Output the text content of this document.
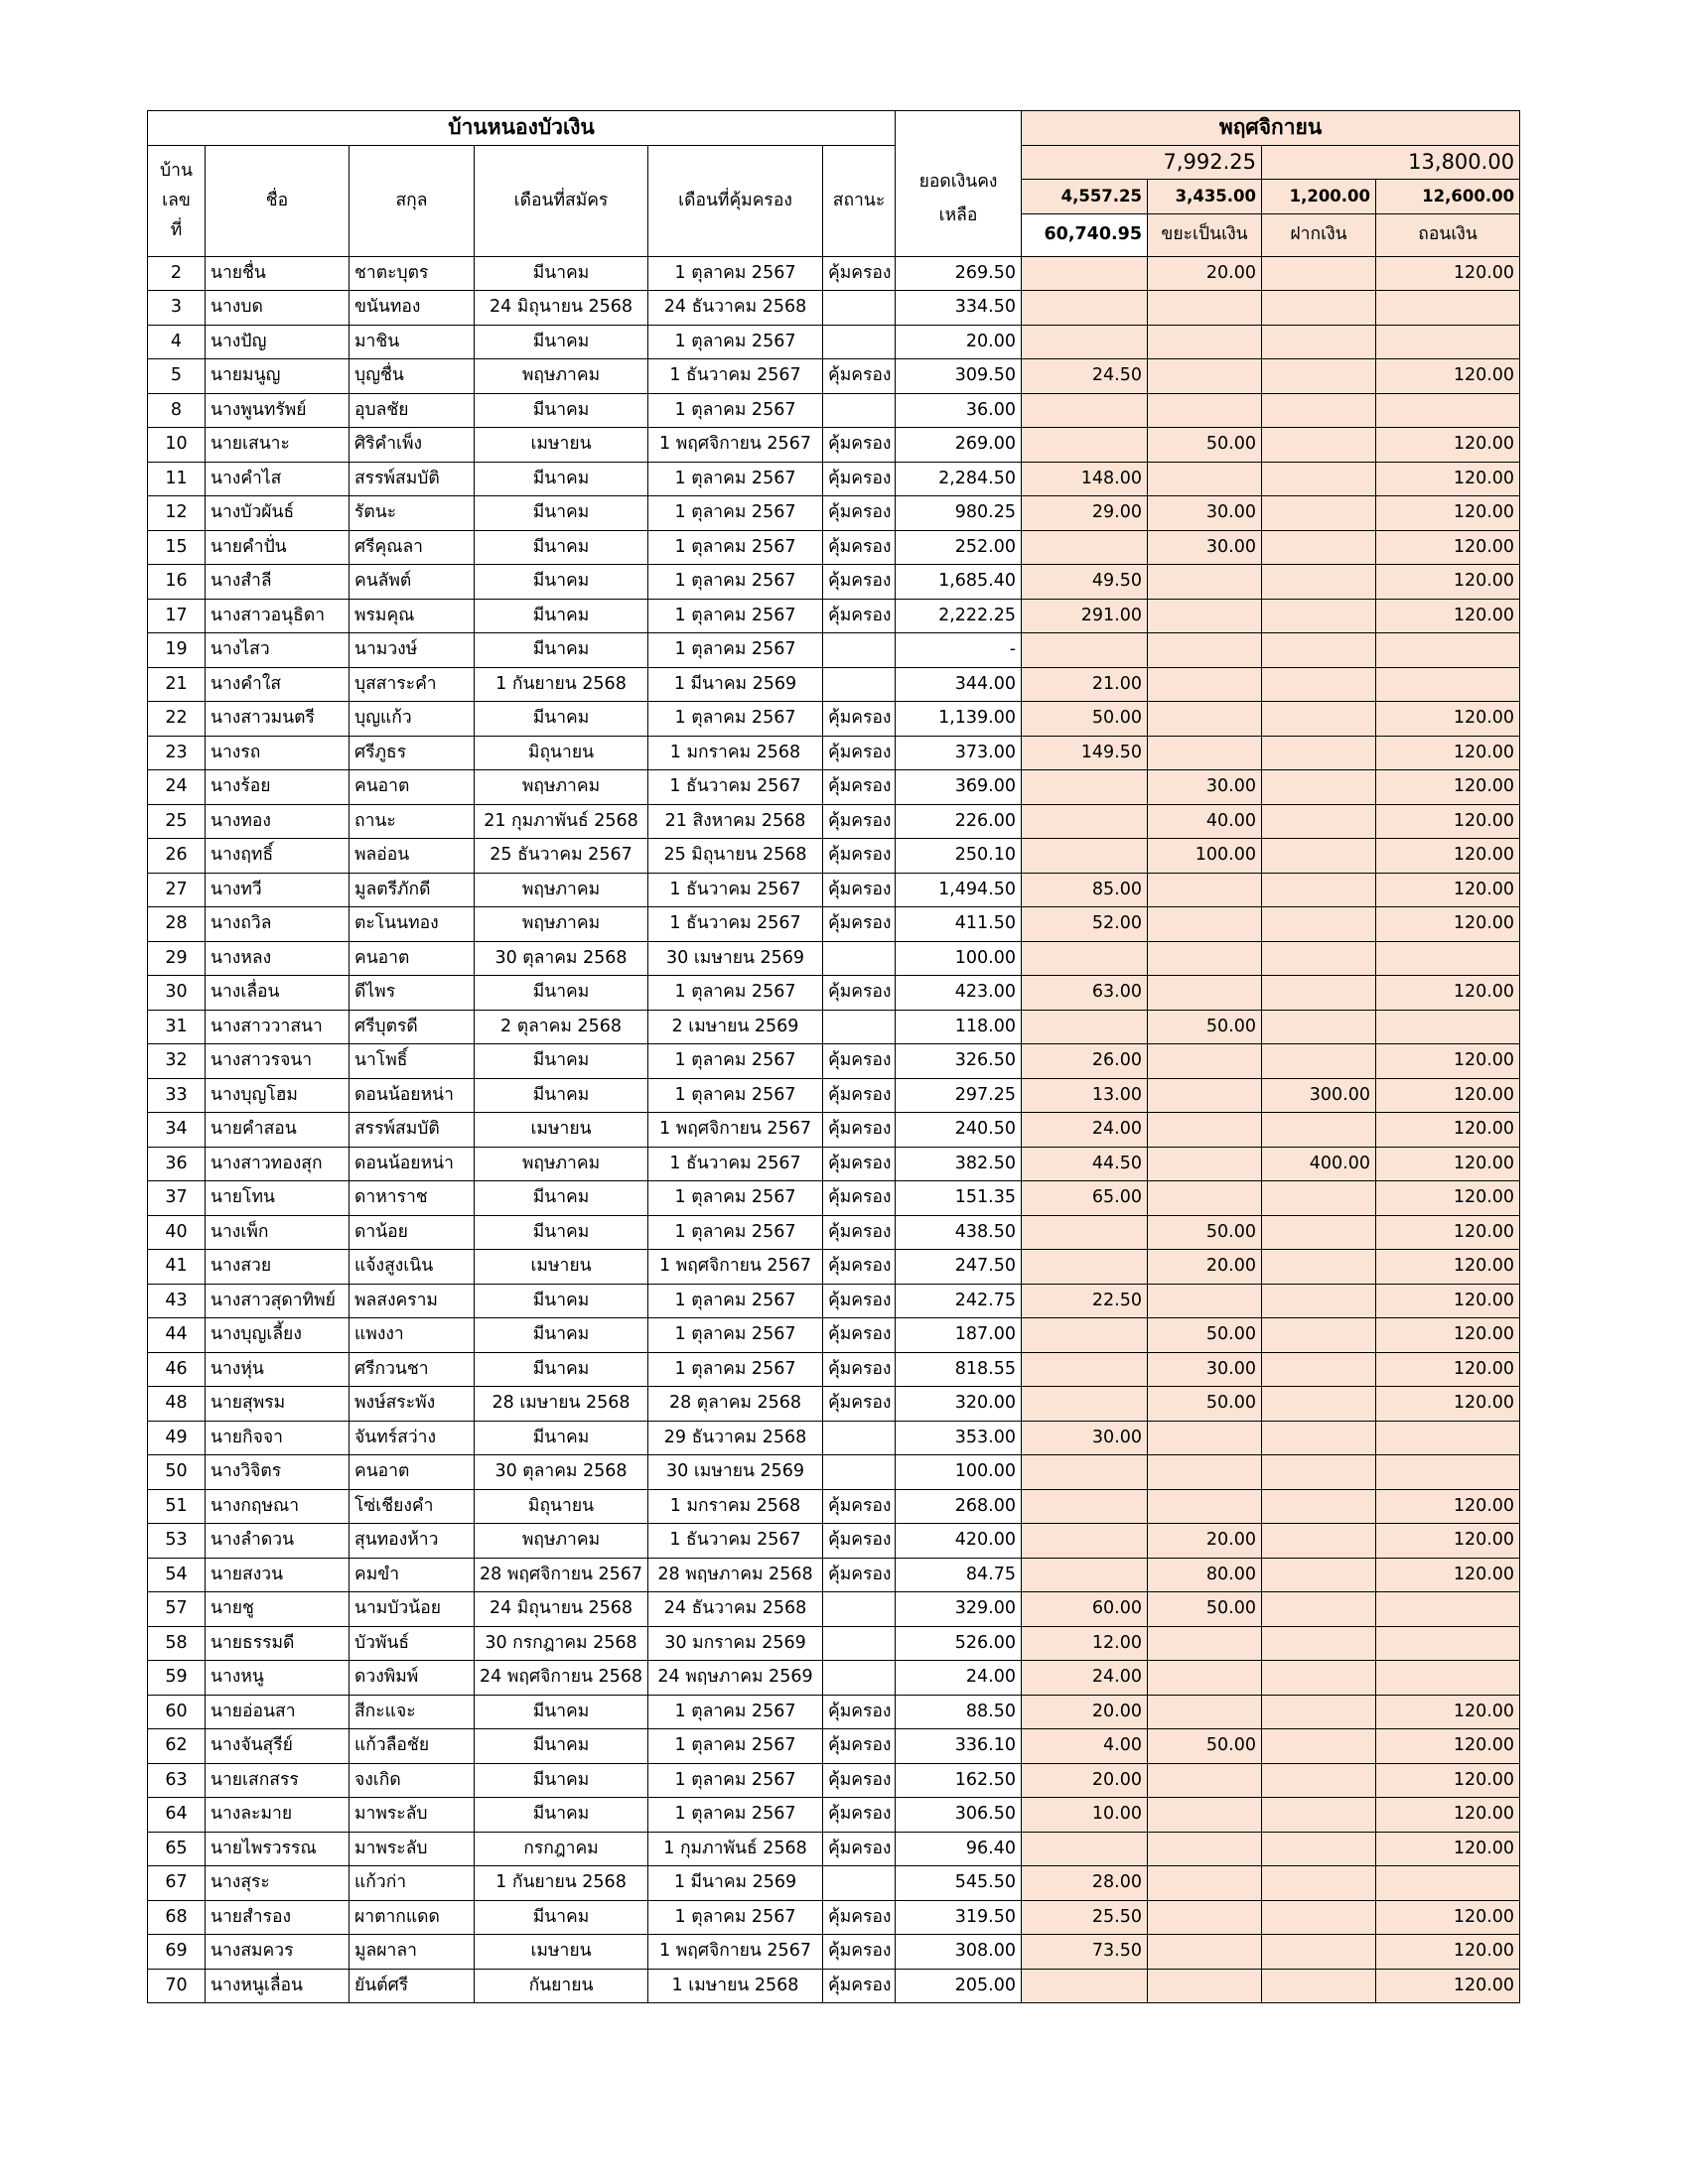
บ้านหนองบัวเงิน						ยอดเงินคงเหลือ	พฤศจิกายน				

บ้านเลขที่	ชื่อ	สกุล	เดือนที่สมัคร	เดือนที่คุ้มครอง	สถานะ		7,992.25		13,800.00		
							4,557.25	3,435.00	1,200.00	12,600.00	
							60,740.95	ขยะเป็นเงิน	ฝากเงิน	ถอนเงิน	
2	นายชื่น	ชาตะบุตร	มีนาคม	1 ตุลาคม 2567	คุ้มครอง	269.50		20.00		120.00	
3	นางบด	ขนันทอง	24 มิถุนายน 2568	24 ธันวาคม 2568		334.50					
4	นางปัญ	มาชิน	มีนาคม	1 ตุลาคม 2567		20.00					
5	นายมนูญ	บุญชื่น	พฤษภาคม	1 ธันวาคม 2567	คุ้มครอง	309.50	24.50			120.00	
8	นางพูนทรัพย์	อุบลชัย	มีนาคม	1 ตุลาคม 2567		36.00					
10	นายเสนาะ	ศิริคำเพ็ง	เมษายน	1 พฤศจิกายน 2567	คุ้มครอง	269.00		50.00		120.00	
11	นางคำไส	สรรพ์สมบัติ	มีนาคม	1 ตุลาคม 2567	คุ้มครอง	2,284.50	148.00			120.00	
12	นางบัวผันธ์	รัตนะ	มีนาคม	1 ตุลาคม 2567	คุ้มครอง	980.25	29.00	30.00		120.00	
15	นายคำปั่น	ศรีคุณลา	มีนาคม	1 ตุลาคม 2567	คุ้มครอง	252.00		30.00		120.00	
16	นางสำลี	คนลัพต์	มีนาคม	1 ตุลาคม 2567	คุ้มครอง	1,685.40	49.50			120.00	
17	นางสาวอนุธิดา	พรมคุณ	มีนาคม	1 ตุลาคม 2567	คุ้มครอง	2,222.25	291.00			120.00	
19	นางไสว	นามวงษ์	มีนาคม	1 ตุลาคม 2567		-					
21	นางคำใส	บุสสาระคำ	1 กันยายน 2568	1 มีนาคม 2569		344.00	21.00				
22	นางสาวมนตรี	บุญแก้ว	มีนาคม	1 ตุลาคม 2567	คุ้มครอง	1,139.00	50.00			120.00	
23	นางรถ	ศรีภูธร	มิถุนายน	1 มกราคม 2568	คุ้มครอง	373.00	149.50			120.00	
24	นางร้อย	คนอาต	พฤษภาคม	1 ธันวาคม 2567	คุ้มครอง	369.00		30.00		120.00	
25	นางทอง	ถานะ	21 กุมภาพันธ์ 2568	21 สิงหาคม 2568	คุ้มครอง	226.00		40.00		120.00	
26	นางฤทธิ์	พลอ่อน	25 ธันวาคม 2567	25 มิถุนายน 2568	คุ้มครอง	250.10		100.00		120.00	
27	นางทวี	มูลตรีภักดี	พฤษภาคม	1 ธันวาคม 2567	คุ้มครอง	1,494.50	85.00			120.00	
28	นางถวิล	ตะโนนทอง	พฤษภาคม	1 ธันวาคม 2567	คุ้มครอง	411.50	52.00			120.00	
29	นางหลง	คนอาต	30 ตุลาคม 2568	30 เมษายน 2569		100.00					
30	นางเลื่อน	ดีไพร	มีนาคม	1 ตุลาคม 2567	คุ้มครอง	423.00	63.00			120.00	
31	นางสาววาสนา	ศรีบุตรดี	2 ตุลาคม 2568	2 เมษายน 2569		118.00		50.00			
32	นางสาวรจนา	นาโพธิ์	มีนาคม	1 ตุลาคม 2567	คุ้มครอง	326.50	26.00			120.00	
33	นางบุญโฮม	ดอนน้อยหน่า	มีนาคม	1 ตุลาคม 2567	คุ้มครอง	297.25	13.00		300.00	120.00	
34	นายคำสอน	สรรพ์สมบัติ	เมษายน	1 พฤศจิกายน 2567	คุ้มครอง	240.50	24.00			120.00	
36	นางสาวทองสุก	ดอนน้อยหน่า	พฤษภาคม	1 ธันวาคม 2567	คุ้มครอง	382.50	44.50		400.00	120.00	
37	นายโทน	ดาหาราช	มีนาคม	1 ตุลาคม 2567	คุ้มครอง	151.35	65.00			120.00	
40	นางเพ็ก	ดาน้อย	มีนาคม	1 ตุลาคม 2567	คุ้มครอง	438.50		50.00		120.00	
41	นางสวย	แจ้งสูงเนิน	เมษายน	1 พฤศจิกายน 2567	คุ้มครอง	247.50		20.00		120.00	
43	นางสาวสุดาทิพย์	พลสงคราม	มีนาคม	1 ตุลาคม 2567	คุ้มครอง	242.75	22.50			120.00	
44	นางบุญเลี้ยง	แพงงา	มีนาคม	1 ตุลาคม 2567	คุ้มครอง	187.00		50.00		120.00	
46	นางหุ่น	ศรีกวนชา	มีนาคม	1 ตุลาคม 2567	คุ้มครอง	818.55		30.00		120.00	
48	นายสุพรม	พงษ์สระพัง	28 เมษายน 2568	28 ตุลาคม 2568	คุ้มครอง	320.00		50.00		120.00	
49	นายกิจจา	จันทร์สว่าง	มีนาคม	29 ธันวาคม 2568		353.00	30.00				
50	นางวิจิตร	คนอาต	30 ตุลาคม 2568	30 เมษายน 2569		100.00					
51	นางกฤษณา	โซ่เชียงคำ	มิถุนายน	1 มกราคม 2568	คุ้มครอง	268.00				120.00	
53	นางลำดวน	สุนทองห้าว	พฤษภาคม	1 ธันวาคม 2567	คุ้มครอง	420.00		20.00		120.00	
54	นายสงวน	คมขำ	28 พฤศจิกายน 2567	28 พฤษภาคม 2568	คุ้มครอง	84.75		80.00		120.00	
57	นายชู	นามบัวน้อย	24 มิถุนายน 2568	24 ธันวาคม 2568		329.00	60.00	50.00			
58	นายธรรมดี	บัวพันธ์	30 กรกฎาคม 2568	30 มกราคม 2569		526.00	12.00				
59	นางหนู	ดวงพิมพ์	24 พฤศจิกายน 2568	24 พฤษภาคม 2569		24.00	24.00				
60	นายอ่อนสา	สีกะแจะ	มีนาคม	1 ตุลาคม 2567	คุ้มครอง	88.50	20.00			120.00	
62	นางจันสุรีย์	แก้วลือชัย	มีนาคม	1 ตุลาคม 2567	คุ้มครอง	336.10	4.00	50.00		120.00	
63	นายเสกสรร	จงเกิด	มีนาคม	1 ตุลาคม 2567	คุ้มครอง	162.50	20.00			120.00	
64	นางละมาย	มาพระลับ	มีนาคม	1 ตุลาคม 2567	คุ้มครอง	306.50	10.00			120.00	
65	นายไพรวรรณ	มาพระลับ	กรกฎาคม	1 กุมภาพันธ์ 2568	คุ้มครอง	96.40				120.00	
67	นางสุระ	แก้วก่า	1 กันยายน 2568	1 มีนาคม 2569		545.50	28.00				
68	นายสำรอง	ผาตากแดด	มีนาคม	1 ตุลาคม 2567	คุ้มครอง	319.50	25.50			120.00	
69	นางสมควร	มูลผาลา	เมษายน	1 พฤศจิกายน 2567	คุ้มครอง	308.00	73.50			120.00	
70	นางหนูเลื่อน	ยันต์ศรี	กันยายน	1 เมษายน 2568	คุ้มครอง	205.00				120.00	
